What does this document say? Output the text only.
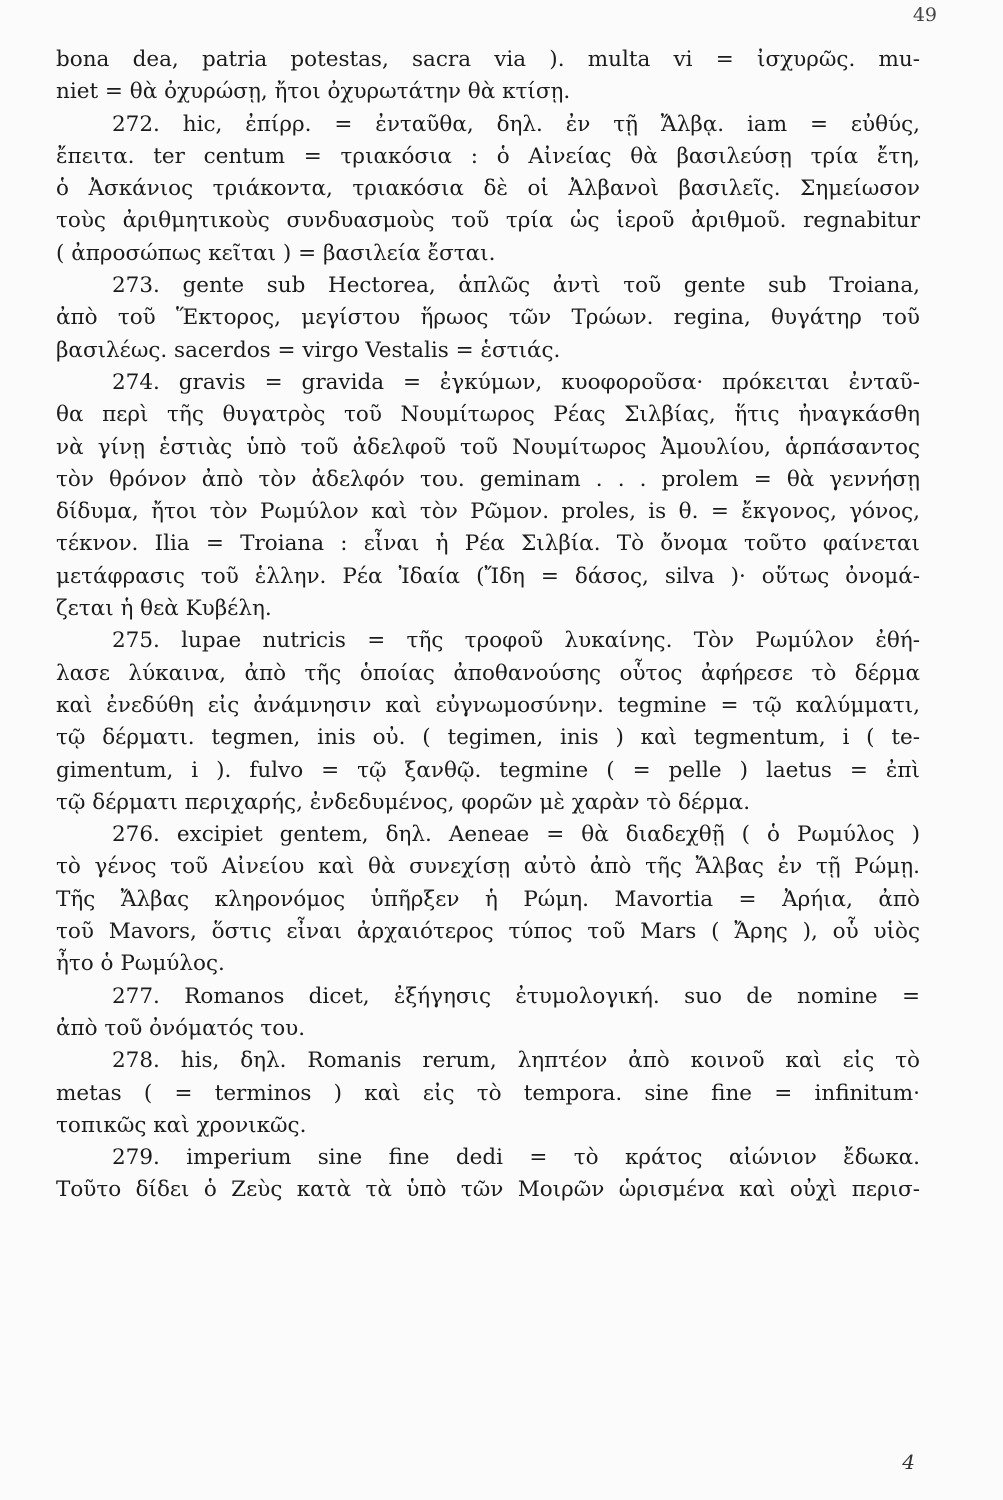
49
bona dea, patria potestas, sacra via ). multa vi = ἰσχυρῶς. mu-
niet = θὰ ὀχυρώσῃ, ἤτοι ὀχυρωτάτην θὰ κτίσῃ.
272. hic, ἐπίρρ. = ἐνταῦθα, δηλ. ἐν τῇ Ἄλβᾳ. iam = εὐθύς,
ἔπειτα. ter centum = τριακόσια : ὁ Αἰνείας θὰ βασιλεύσῃ τρία ἔτη,
ὁ Ἀσκάνιος τριάκοντα, τριακόσια δὲ οἱ Ἀλβανοὶ βασιλεῖς. Σημείωσον
τοὺς ἀριθμητικοὺς συνδυασμοὺς τοῦ τρία ὡς ἱεροῦ ἀριθμοῦ. regnabitur
( ἀπροσώπως κεῖται ) = βασιλεία ἔσται.
273. gente sub Hectorea, ἁπλῶς ἀντὶ τοῦ gente sub Troiana,
ἀπὸ τοῦ Ἕκτορος, μεγίστου ἥρωος τῶν Τρώων. regina, θυγάτηρ τοῦ
βασιλέως. sacerdos = virgo Vestalis = ἑστιάς.
274. gravis = gravida = ἐγκύμων, κυοφοροῦσα· πρόκειται ἐνταῦ-
θα περὶ τῆς θυγατρὸς τοῦ Νουμίτωρος Ρέας Σιλβίας, ἥτις ἠναγκάσθη
νὰ γίνῃ ἑστιὰς ὑπὸ τοῦ ἀδελφοῦ τοῦ Νουμίτωρος Ἀμουλίου, ἁρπάσαντος
τὸν θρόνον ἀπὸ τὸν ἀδελφόν του. geminam . . . prolem = θὰ γεννήσῃ
δίδυμα, ἤτοι τὸν Ρωμύλον καὶ τὸν Ρῶμον. proles, is θ. = ἔκγονος, γόνος,
τέκνον. Ilia = Troiana : εἶναι ἡ Ρέα Σιλβία. Τὸ ὄνομα τοῦτο φαίνεται
μετάφρασις τοῦ ἑλλην. Ρέα Ἰδαία (Ἴδη = δάσος, silva )· οὕτως ὀνομά-
ζεται ἡ θεὰ Κυβέλη.
275. lupae nutricis = τῆς τροφοῦ λυκαίνης. Τὸν Ρωμύλον ἐθή-
λασε λύκαινα, ἀπὸ τῆς ὁποίας ἀποθανούσης οὗτος ἀφήρεσε τὸ δέρμα
καὶ ἐνεδύθη εἰς ἀνάμνησιν καὶ εὐγνωμοσύνην. tegmine = τῷ καλύμματι,
τῷ δέρματι. tegmen, inis οὐ. ( tegimen, inis ) καὶ tegmentum, i ( te-
gimentum, i ). fulvo = τῷ ξανθῷ. tegmine ( = pelle ) laetus = ἐπὶ
τῷ δέρματι περιχαρής, ἐνδεδυμένος, φορῶν μὲ χαρὰν τὸ δέρμα.
276. excipiet gentem, δηλ. Aeneae = θὰ διαδεχθῇ ( ὁ Ρωμύλος )
τὸ γένος τοῦ Αἰνείου καὶ θὰ συνεχίσῃ αὐτὸ ἀπὸ τῆς Ἄλβας ἐν τῇ Ρώμῃ.
Τῆς Ἄλβας κληρονόμος ὑπῆρξεν ἡ Ρώμη. Mavortia = Ἀρήια, ἀπὸ
τοῦ Mavors, ὅστις εἶναι ἀρχαιότερος τύπος τοῦ Mars ( Ἄρης ), οὗ υἱὸς
ἦτο ὁ Ρωμύλος.
277. Romanos dicet, ἐξήγησις ἐτυμολογική. suo de nomine =
ἀπὸ τοῦ ὀνόματός του.
278. his, δηλ. Romanis rerum, ληπτέον ἀπὸ κοινοῦ καὶ εἰς τὸ
metas ( = terminos ) καὶ εἰς τὸ tempora. sine fine = infinitum·
τοπικῶς καὶ χρονικῶς.
279. imperium sine fine dedi = τὸ κράτος αἰώνιον ἔδωκα.
Τοῦτο δίδει ὁ Ζεὺς κατὰ τὰ ὑπὸ τῶν Μοιρῶν ὡρισμένα καὶ οὐχὶ περισ-
4
